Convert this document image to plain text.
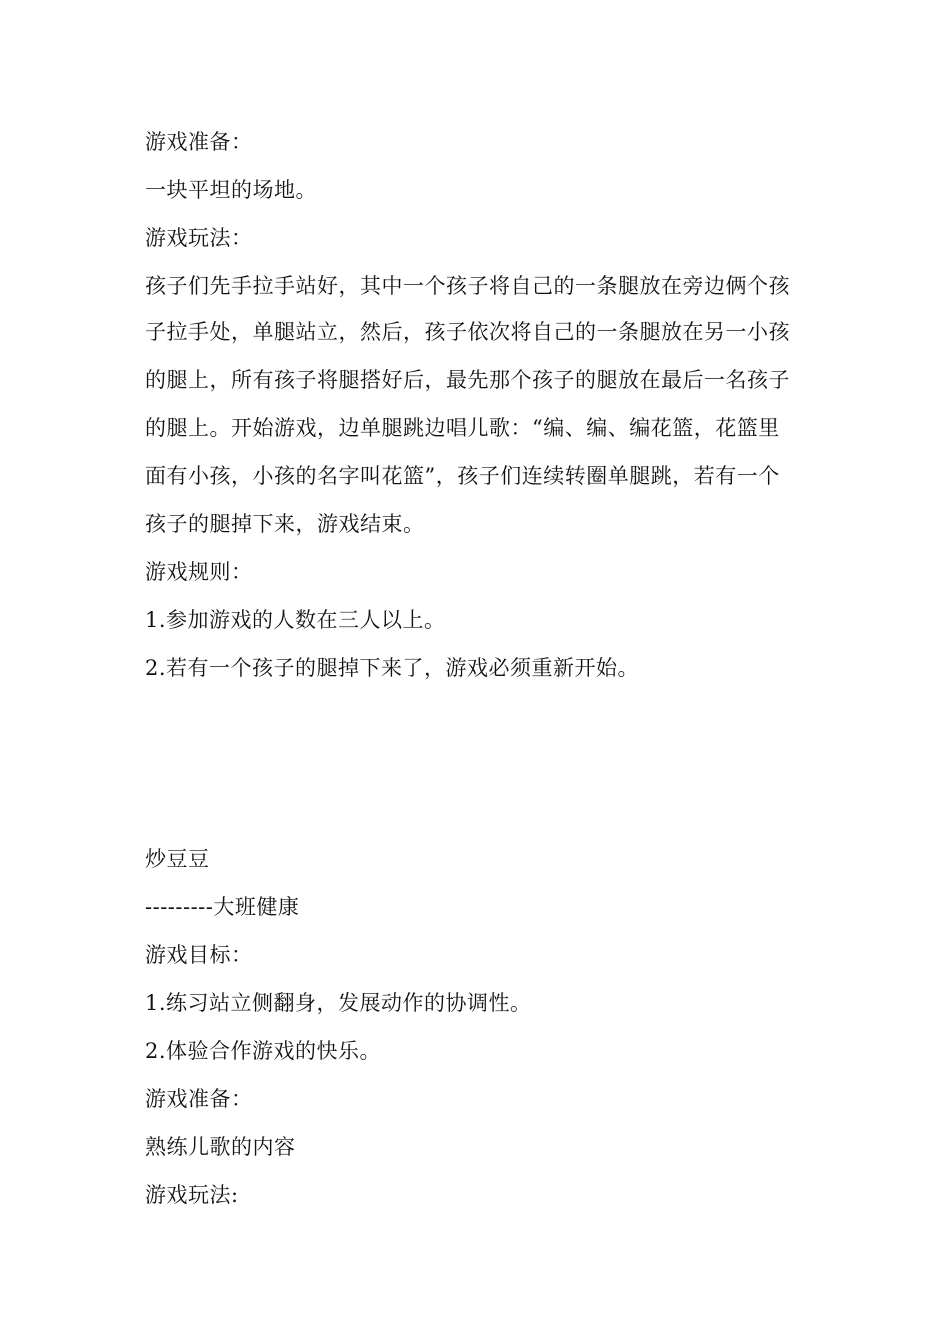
游戏准备：

一块平坦的场地。

游戏玩法：

孩子们先手拉手站好，其中一个孩子将自己的一条腿放在旁边俩个孩

子拉手处，单腿站立，然后，孩子依次将自己的一条腿放在另一小孩

的腿上，所有孩子将腿搭好后，最先那个孩子的腿放在最后一名孩子

的腿上。开始游戏，边单腿跳边唱儿歌：“编、编、编花篮，花篮里

面有小孩，小孩的名字叫花篮”，孩子们连续转圈单腿跳，若有一个

孩子的腿掉下来，游戏结束。

游戏规则：

1.参加游戏的人数在三人以上。

2.若有一个孩子的腿掉下来了，游戏必须重新开始。

炒豆豆

---------大班健康

游戏目标：

1.练习站立侧翻身，发展动作的协调性。

2.体验合作游戏的快乐。

游戏准备：

熟练儿歌的内容

游戏玩法:
